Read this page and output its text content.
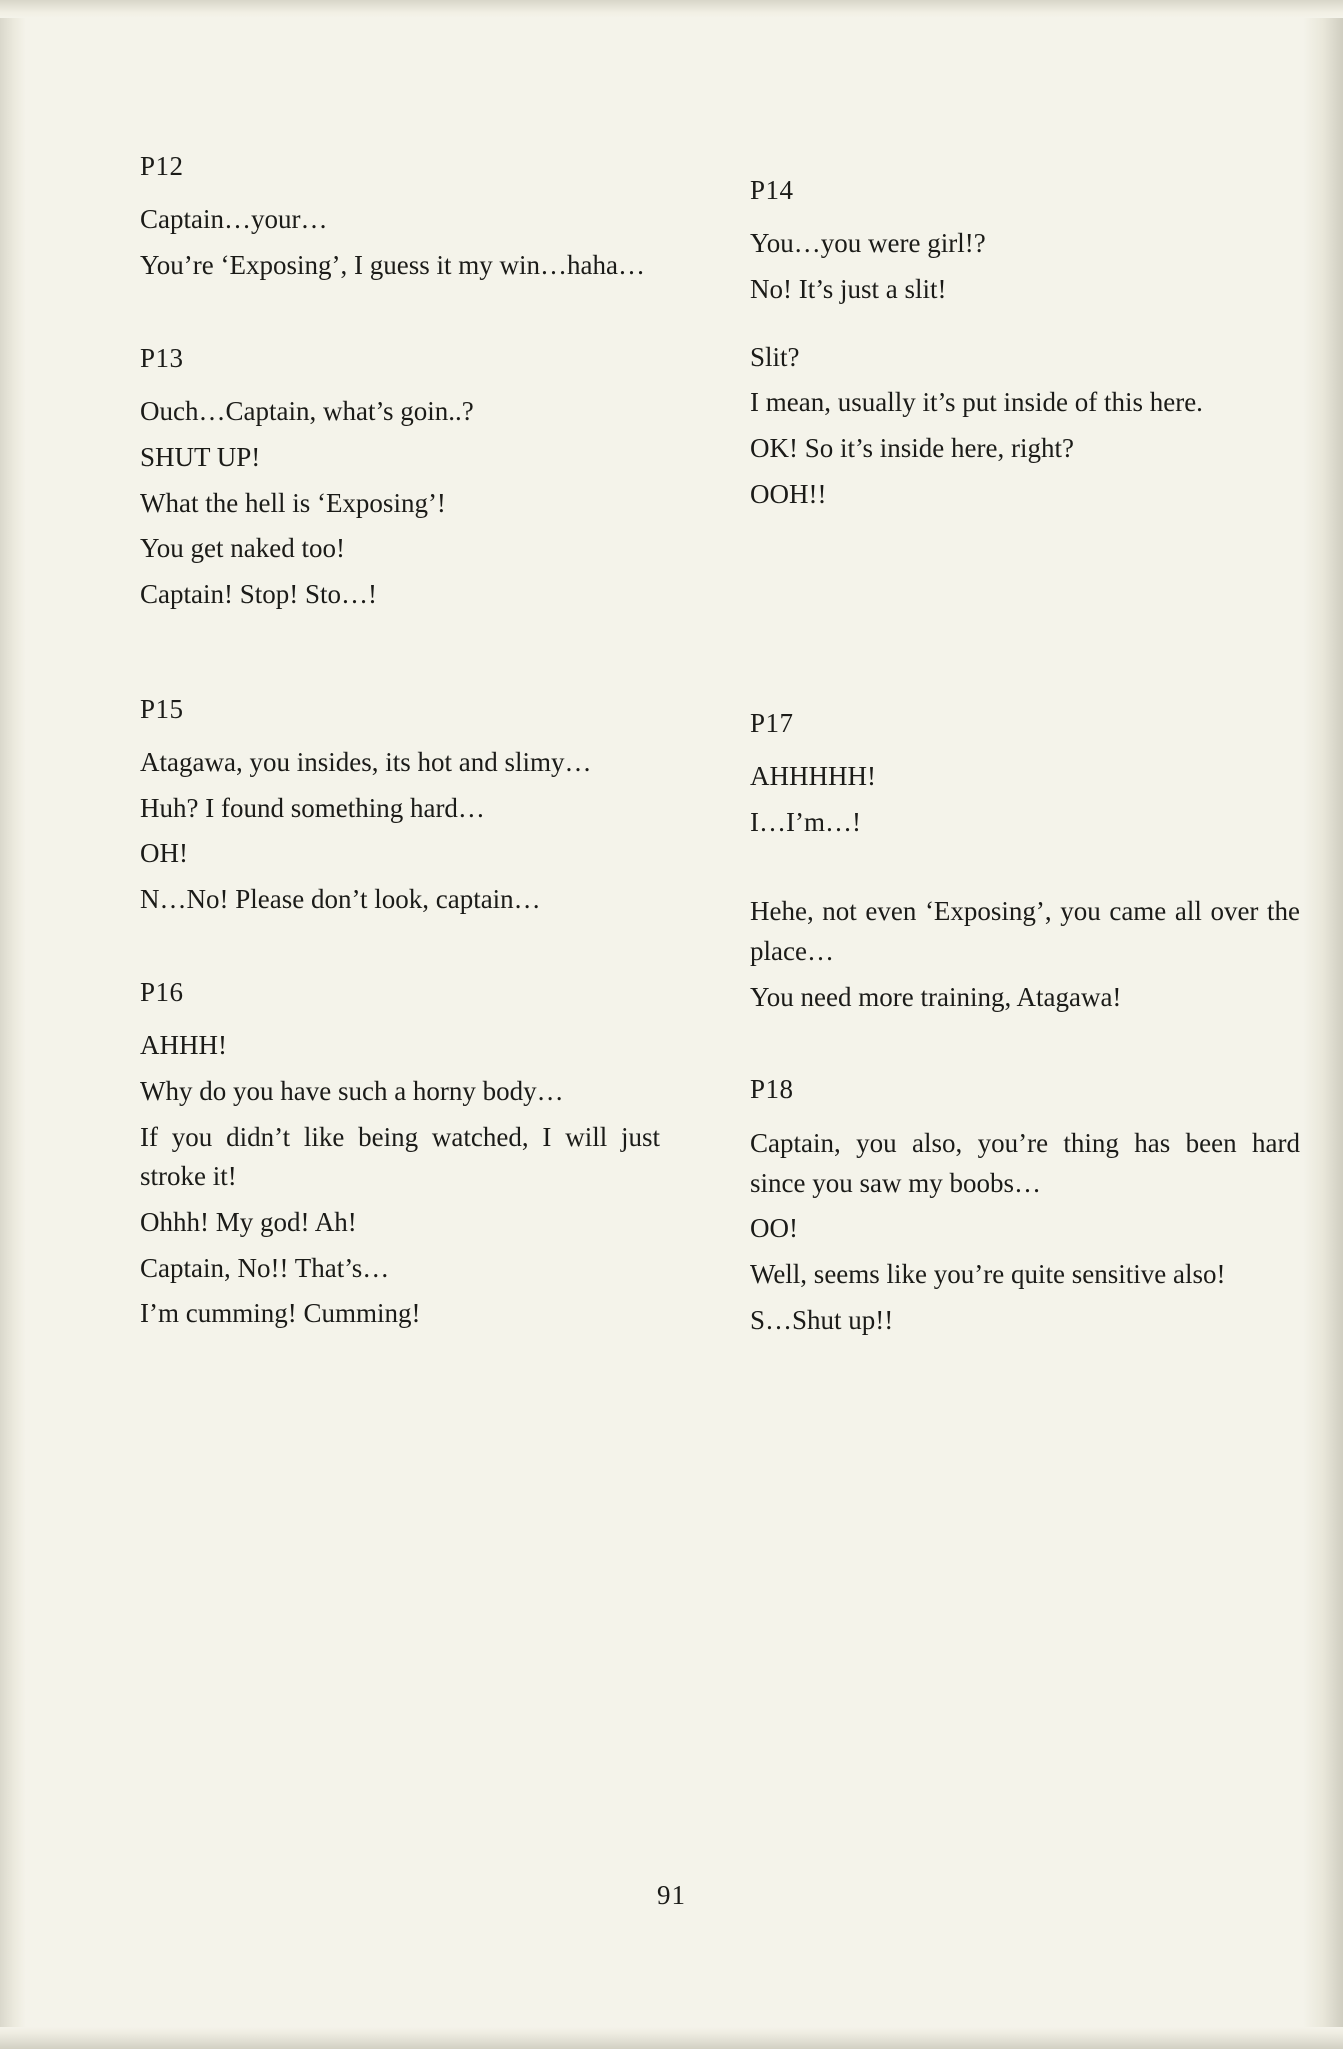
P12

Captain…your…

You’re ‘Exposing’, I guess it my win…haha…

P13

Ouch…Captain, what’s goin..?

SHUT UP!

What the hell is ‘Exposing’!

You get naked too!

Captain! Stop! Sto…!

P14

You…you were girl!?

No! It’s just a slit!

Slit?

I mean, usually it’s put inside of this here.

OK! So it’s inside here, right?

OOH!!

P15

Atagawa, you insides, its hot and slimy…

Huh? I found something hard…

OH!

N…No! Please don’t look, captain…

P16

AHHH!

Why do you have such a horny body…

If you didn’t like being watched, I will just stroke it!

Ohhh! My god! Ah!

Captain, No!! That’s…

I’m cumming! Cumming!

P17

AHHHHH!

I…I’m…!

Hehe, not even ‘Exposing’, you came all over the place…

You need more training, Atagawa!

P18

Captain, you also, you’re thing has been hard since you saw my boobs…

OO!

Well, seems like you’re quite sensitive also!

S…Shut up!!

91
